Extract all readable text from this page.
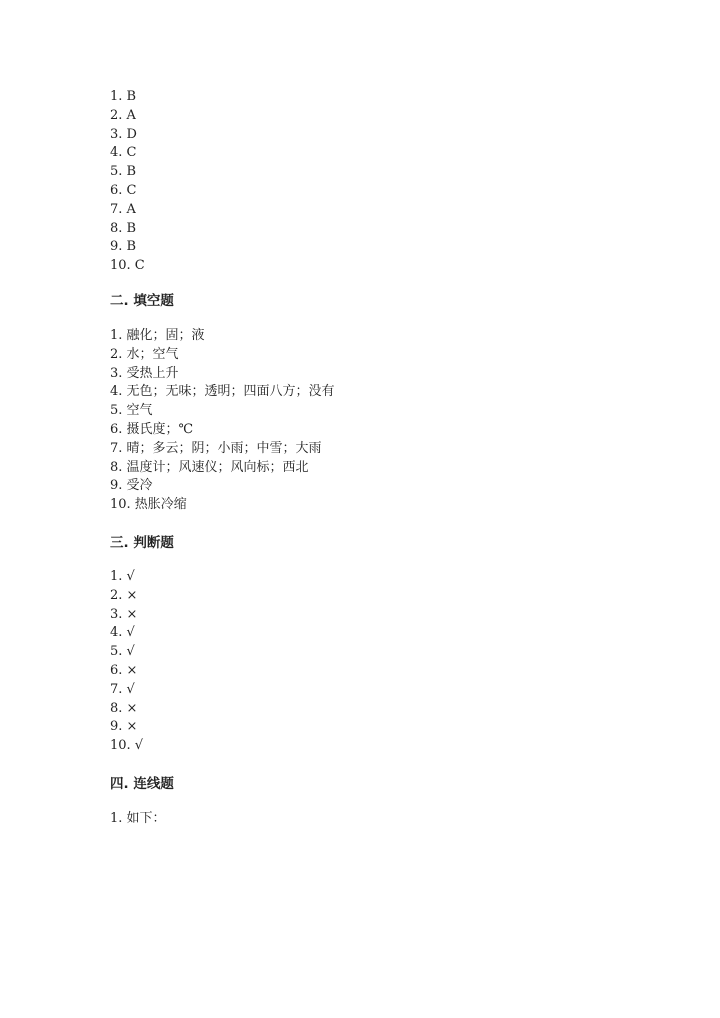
1. B
2. A
3. D
4. C
5. B
6. C
7. A
8. B
9. B
10. C
二. 填空题
1. 融化；固；液
2. 水；空气
3. 受热上升
4. 无色；无味；透明；四面八方；没有
5. 空气
6. 摄氏度；℃
7. 晴；多云；阴；小雨；中雪；大雨
8. 温度计；风速仪；风向标；西北
9. 受冷
10. 热胀冷缩
三. 判断题
1. √
2. ×
3. ×
4. √
5. √
6. ×
7. √
8. ×
9. ×
10. √
四. 连线题
1. 如下：
